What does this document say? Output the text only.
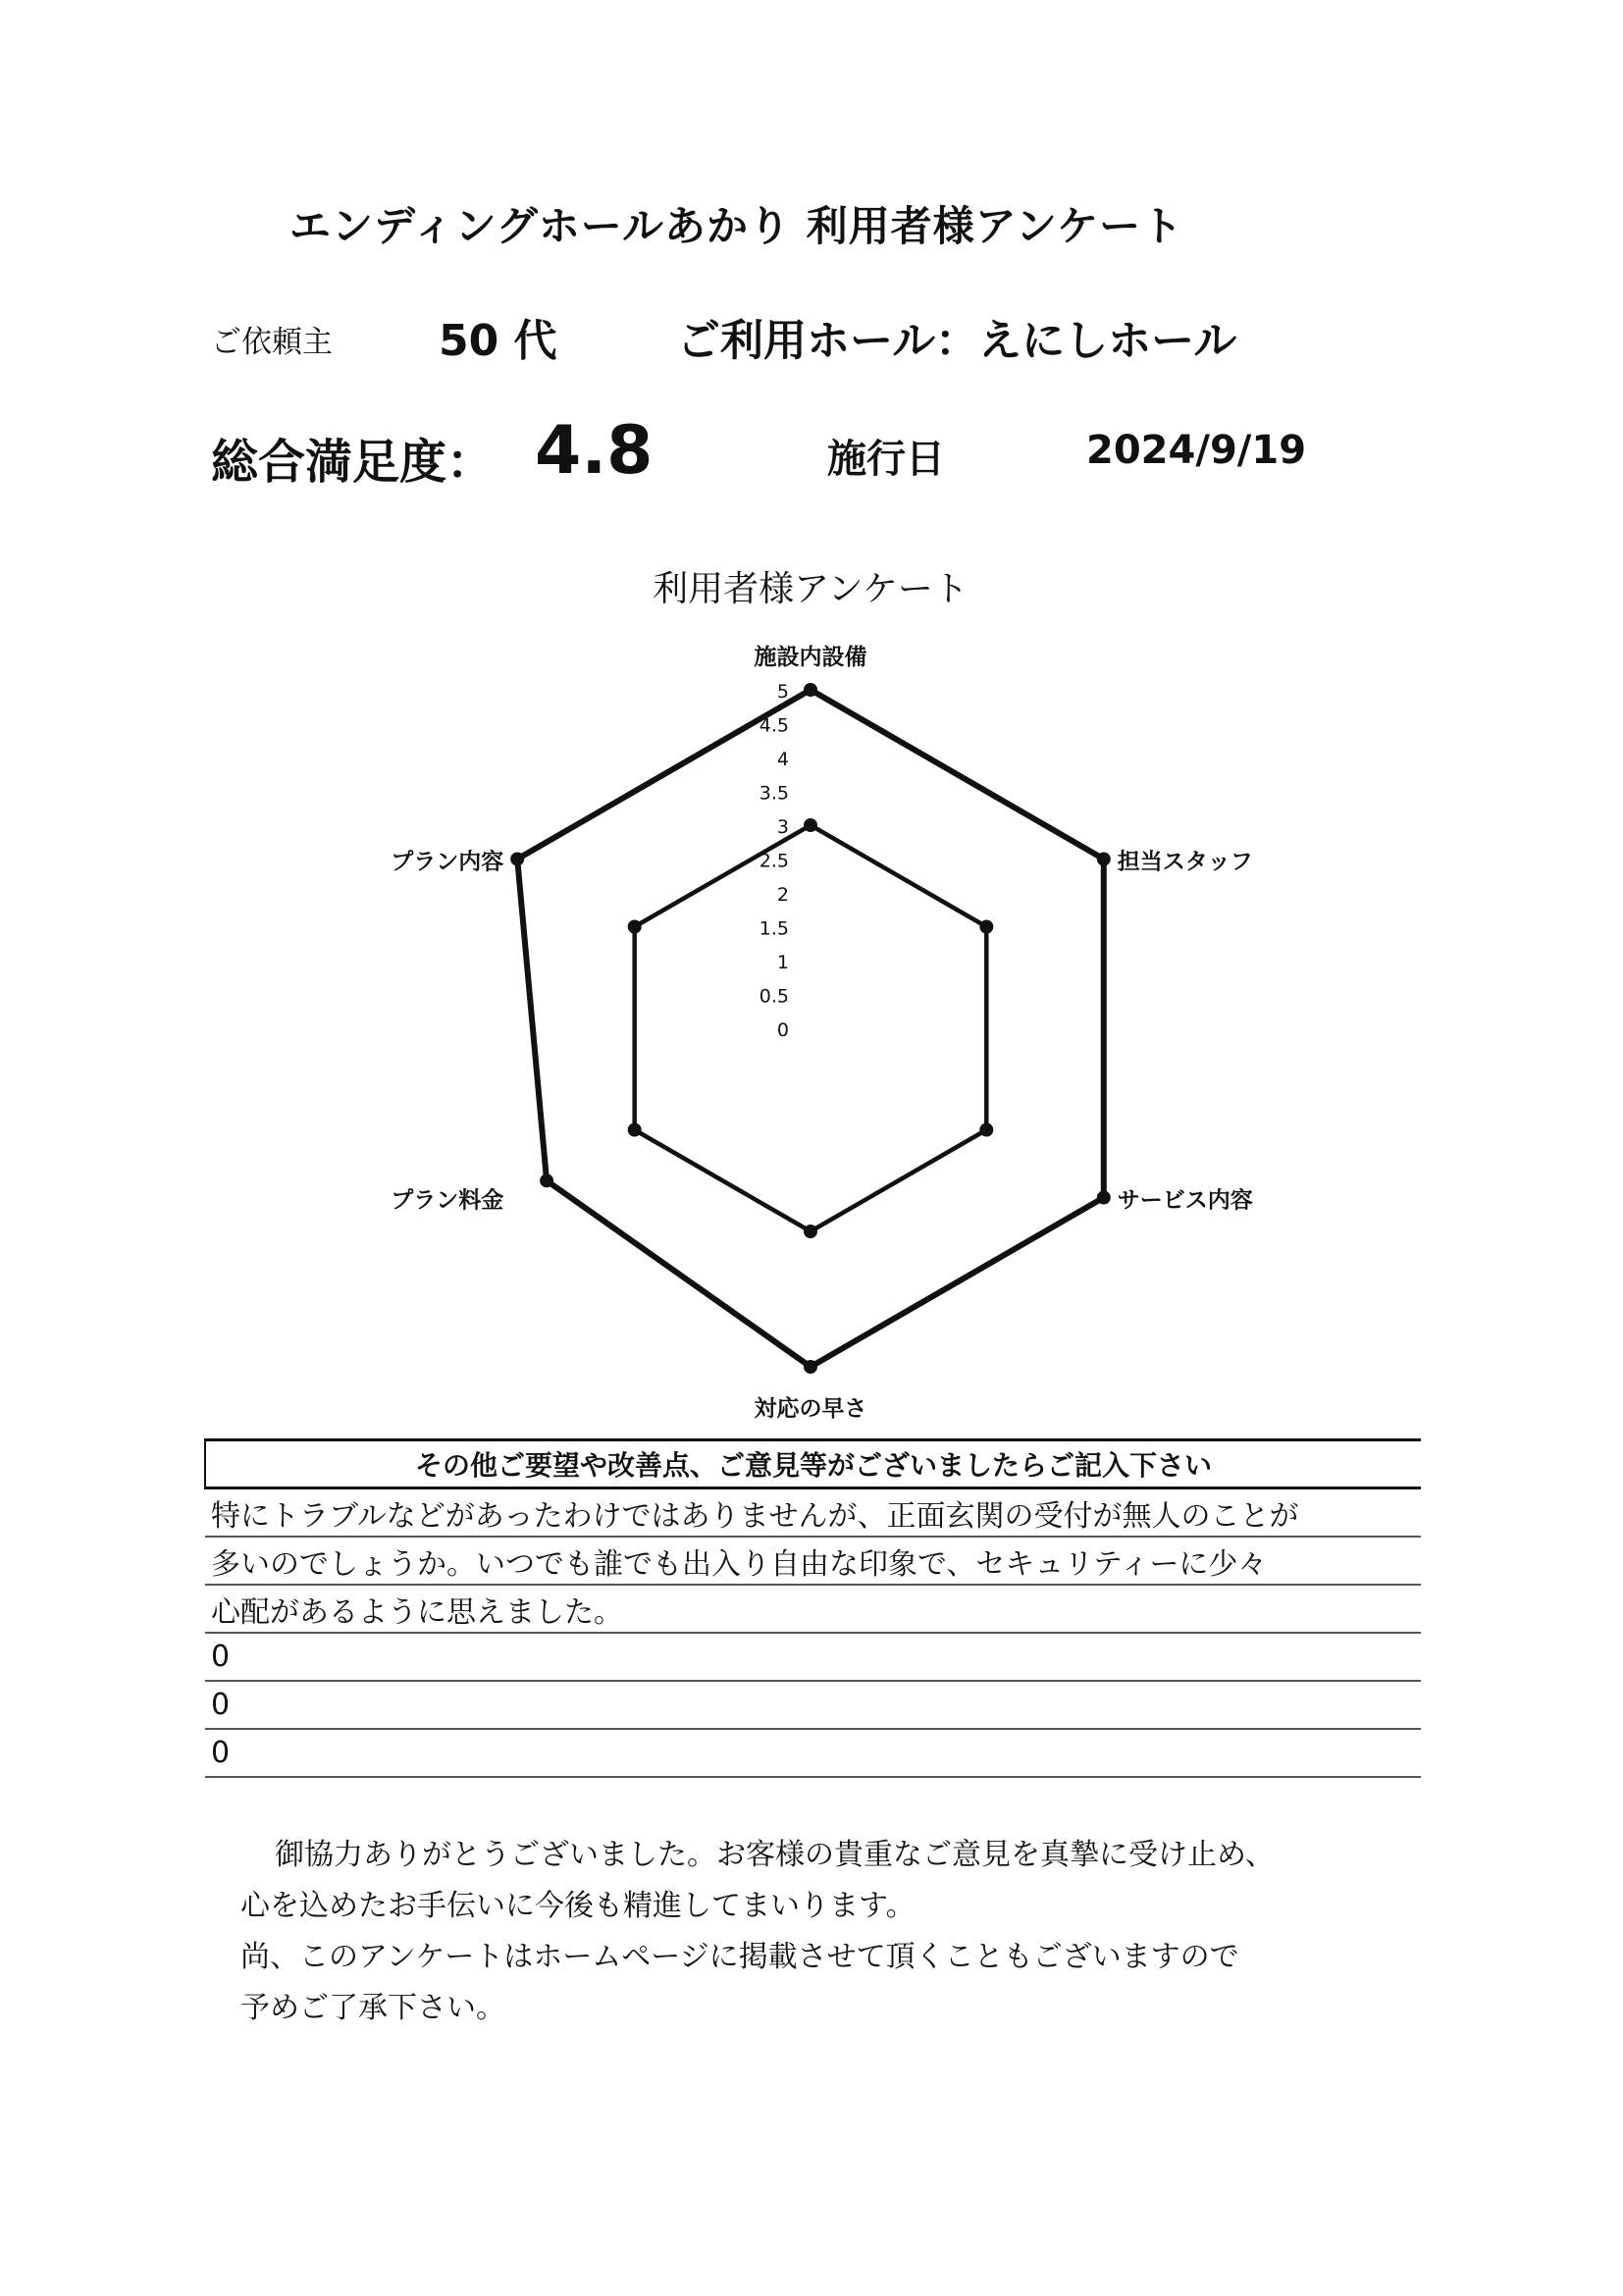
エンディングホールあかり 利用者様アンケート
ご依頼主 50 代	ご利用ホール：えにしホール
総合満足度： 4.8	施行日	2024/9/19
利用者様アンケート
5
4.5
4
3.5
3
2.5
2
1.5
1
0.5
0
施設内設備
担当スタッフ
サービス内容
対応の早さ
プラン料金
プラン内容
その他ご要望や改善点、ご意見等がございましたらご記入下さい
特にトラブルなどがあったわけではありませんが、正面玄関の受付が無人のことが
多いのでしょうか。いつでも誰でも出入り自由な印象で、セキュリティーに少々
心配があるように思えました。
0
0
0
御協力ありがとうございました。お客様の貴重なご意見を真摯に受け止め、
心を込めたお手伝いに今後も精進してまいります。
尚、このアンケートはホームページに掲載させて頂くこともございますので
予めご了承下さい。
